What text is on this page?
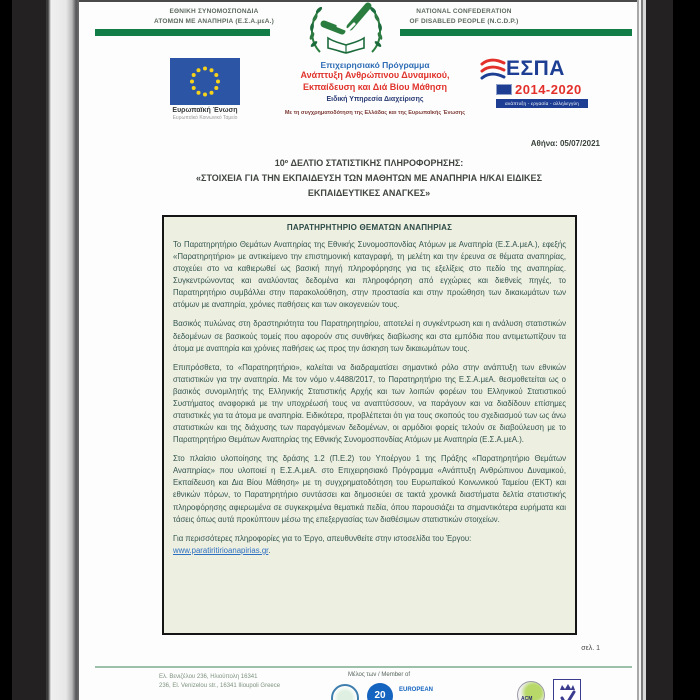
ΕΘΝΙΚΗ ΣΥΝΟΜΟΣΠΟΝΔΙΑ
ΑΤΟΜΩΝ ΜΕ ΑΝΑΠΗΡΙΑ (Ε.Σ.Α.μεΑ.)
NATIONAL CONFEDERATION
OF DISABLED PEOPLE (N.C.D.P.)
Ευρωπαϊκή Ένωση
Ευρωπαϊκό Κοινωνικό Ταμείο
Επιχειρησιακό Πρόγραμμα
Ανάπτυξη Ανθρώπινου Δυναμικού,
Εκπαίδευση και Διά Βίου Μάθηση
Ειδική Υπηρεσία Διαχείρισης
Με τη συγχρηματοδότηση της Ελλάδας και της Ευρωπαϊκής Ένωσης
ΕΣΠΑ
2014-2020
ανάπτυξη - εργασία - αλληλεγγύη
Αθήνα: 05/07/2021
10º ΔΕΛΤΙΟ ΣΤΑΤΙΣΤΙΚΗΣ ΠΛΗΡΟΦΟΡΗΣΗΣ:
«ΣΤΟΙΧΕΙΑ ΓΙΑ ΤΗΝ ΕΚΠΑΙΔΕΥΣΗ ΤΩΝ ΜΑΘΗΤΩΝ ΜΕ ΑΝΑΠΗΡΙΑ Η/ΚΑΙ ΕΙΔΙΚΕΣ
ΕΚΠΑΙΔΕΥΤΙΚΕΣ ΑΝΑΓΚΕΣ»
ΠΑΡΑΤΗΡΗΤΗΡΙΟ ΘΕΜΑΤΩΝ ΑΝΑΠΗΡΙΑΣ
Το Παρατηρητήριο Θεμάτων Αναπηρίας της Εθνικής Συνομοσπονδίας Ατόμων με Αναπηρία (Ε.Σ.Α.μεΑ.), εφεξής «Παρατηρητήριο» με αντικείμενο την επιστημονική καταγραφή, τη μελέτη και την έρευνα σε θέματα αναπηρίας, στοχεύει στο να καθιερωθεί ως βασική πηγή πληροφόρησης για τις εξελίξεις στο πεδίο της αναπηρίας. Συγκεντρώνοντας και αναλύοντας δεδομένα και πληροφόρηση από εγχώριες και διεθνείς πηγές, το Παρατηρητήριο συμβάλλει στην παρακολούθηση, στην προστασία και στην προώθηση των δικαιωμάτων των ατόμων με αναπηρία, χρόνιες παθήσεις και των οικογενειών τους.
Βασικός πυλώνας στη δραστηριότητα του Παρατηρητηρίου, αποτελεί η συγκέντρωση και η ανάλυση στατιστικών δεδομένων σε βασικούς τομείς που αφορούν στις συνθήκες διαβίωσης και στα εμπόδια που αντιμετωπίζουν τα άτομα με αναπηρία και χρόνιες παθήσεις ως προς την άσκηση των δικαιωμάτων τους.
Επιπρόσθετα, το «Παρατηρητήριο», καλείται να διαδραματίσει σημαντικό ρόλο στην ανάπτυξη των εθνικών στατιστικών για την αναπηρία. Με τον νόμο ν.4488/2017, το Παρατηρητήριο της Ε.Σ.Α.μεΑ. θεσμοθετείται ως ο βασικός συνομιλητής της Ελληνικής Στατιστικής Αρχής και των λοιπών φορέων του Ελληνικού Στατιστικού Συστήματος αναφορικά με την υποχρέωσή τους να αναπτύσσουν, να παράγουν και να διαδίδουν επίσημες στατιστικές για τα άτομα με αναπηρία. Ειδικότερα, προβλέπεται ότι για τους σκοπούς του σχεδιασμού των ως άνω στατιστικών και της διάχυσης των παραγόμενων δεδομένων, οι αρμόδιοι φορείς τελούν σε διαβούλευση με το Παρατηρητήριο Θεμάτων Αναπηρίας της Εθνικής Συνομοσπονδίας Ατόμων με Αναπηρία (Ε.Σ.Α.μεΑ.).
Στο πλαίσιο υλοποίησης της δράσης 1.2 (Π.Ε.2) του Υποέργου 1 της Πράξης «Παρατηρητήριο Θεμάτων Αναπηρίας» που υλοποιεί η Ε.Σ.Α.μεΑ. στο Επιχειρησιακό Πρόγραμμα «Ανάπτυξη Ανθρώπινου Δυναμικού, Εκπαίδευση και Δια Βίου Μάθηση» με τη συγχρηματοδότηση του Ευρωπαϊκού Κοινωνικού Ταμείου (ΕΚΤ) και εθνικών πόρων, το Παρατηρητήριο συντάσσει και δημοσιεύει σε τακτά χρονικά διαστήματα δελτία στατιστικής πληροφόρησης αφιερωμένα σε συγκεκριμένα θεματικά πεδία, όπου παρουσιάζει τα σημαντικότερα ευρήματα και τάσεις όπως αυτά προκύπτουν μέσω της επεξεργασίας των διαθέσιμων στατιστικών στοιχείων.
Για περισσότερες πληροφορίες για το Έργο, απευθυνθείτε στην ιστοσελίδα του Έργου:
www.paratiritirioanapirias.gr.
σελ. 1
Ελ. Βενιζέλου 236, Ηλιούπολη 16341
236, El. Venizelou str., 16341 Ilioupoli Greece
Μέλος των / Member of
20	EUROPEAN
ACM
